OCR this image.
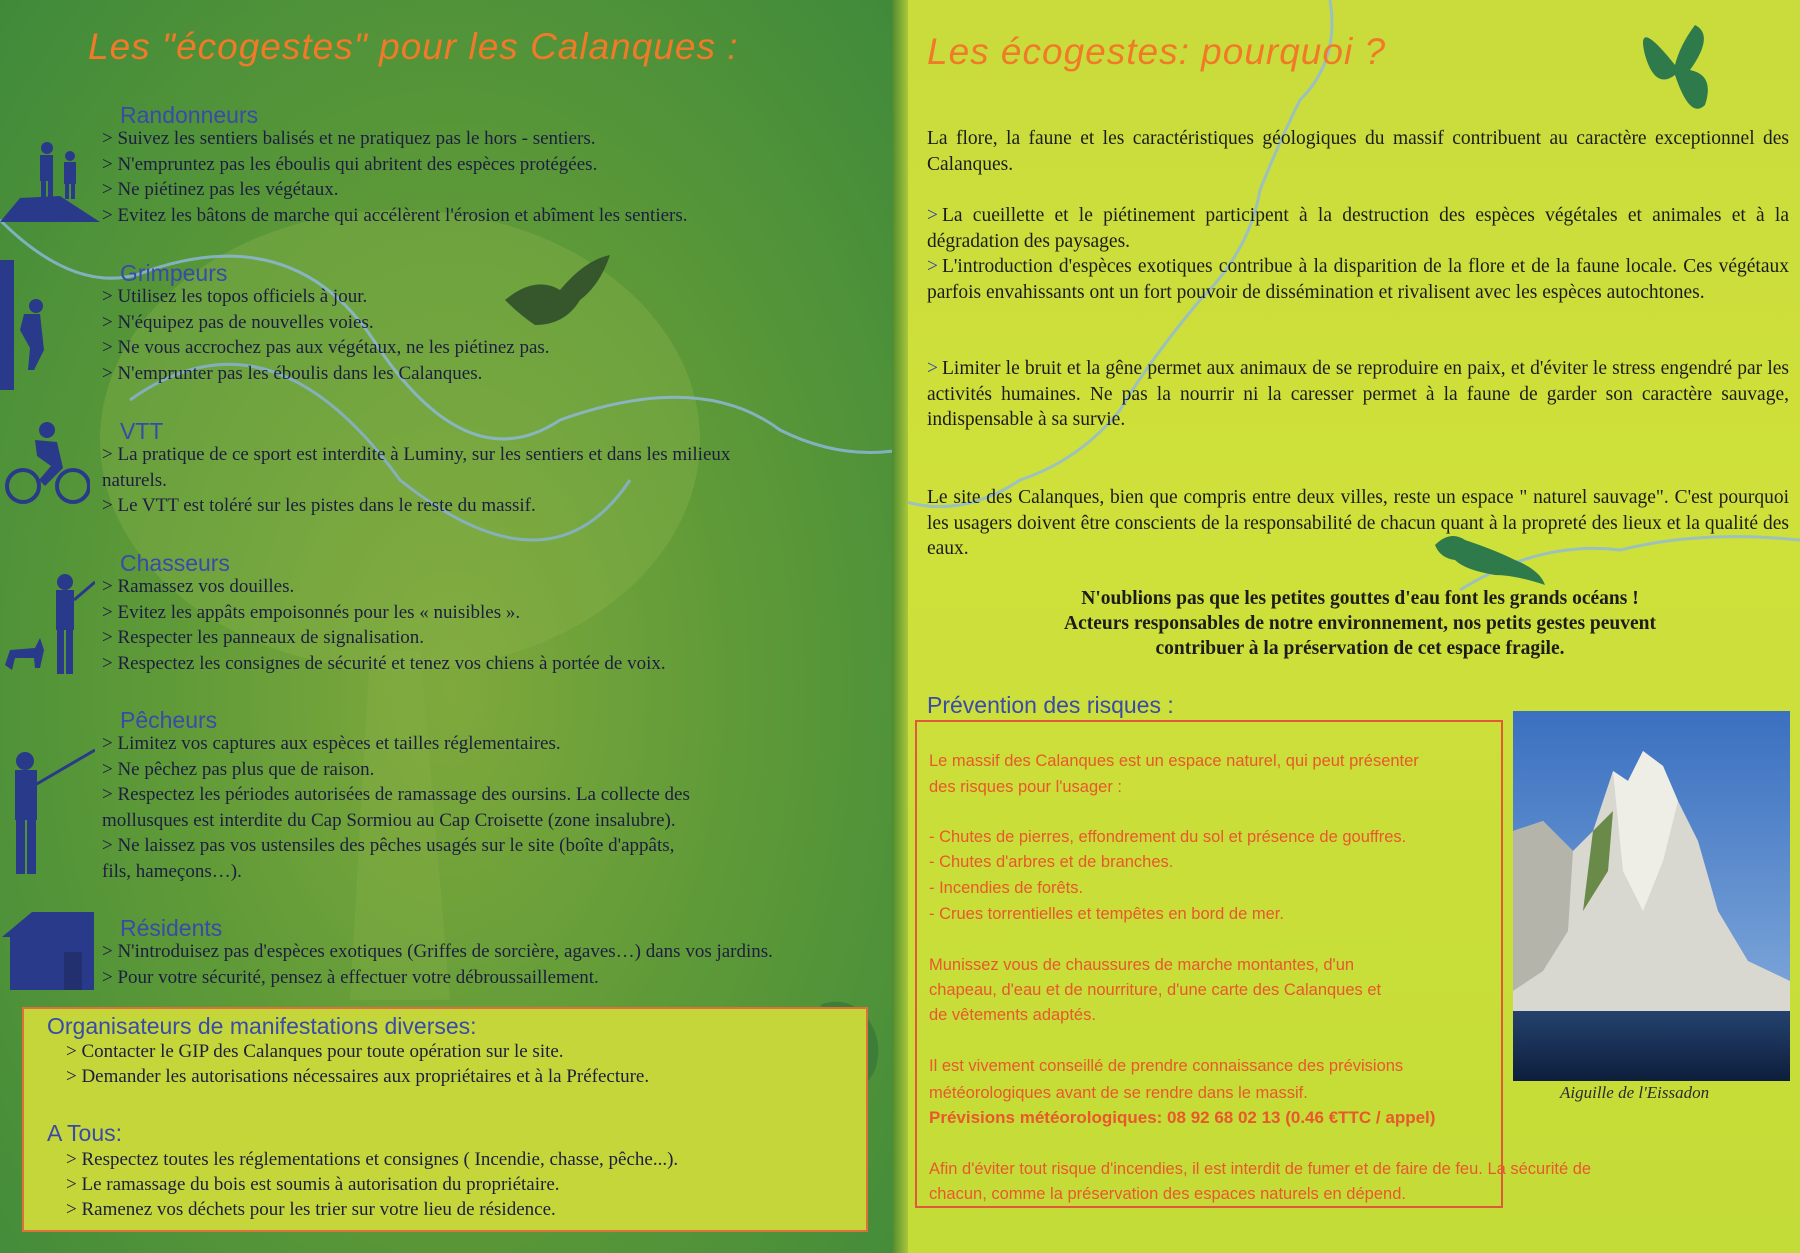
Les "écogestes" pour les Calanques :
Randonneurs
> Suivez les sentiers balisés et ne pratiquez pas le hors - sentiers.
> N'empruntez pas les éboulis qui abritent des espèces protégées.
> Ne piétinez pas les végétaux.
> Evitez les bâtons de marche qui accélèrent l'érosion et abîment les sentiers.
Grimpeurs
> Utilisez les topos officiels à jour.
> N'équipez pas de nouvelles voies.
> Ne vous accrochez pas aux végétaux, ne les piétinez pas.
> N'emprunter pas les éboulis dans les Calanques.
VTT
> La pratique de ce sport est interdite à Luminy, sur les sentiers et dans les milieux
naturels.
> Le VTT est toléré sur les pistes dans le reste du massif.
Chasseurs
> Ramassez vos douilles.
> Evitez les appâts empoisonnés pour les « nuisibles ».
> Respecter les panneaux de signalisation.
> Respectez les consignes de sécurité et tenez vos chiens à portée de voix.
Pêcheurs
> Limitez vos captures aux espèces et tailles réglementaires.
> Ne pêchez pas plus que de raison.
> Respectez les périodes autorisées de ramassage des oursins. La collecte des
mollusques est interdite du Cap Sormiou au Cap Croisette (zone insalubre).
> Ne laissez pas vos ustensiles des pêches usagés sur le site (boîte d'appâts,
fils, hameçons…).
Résidents
> N'introduisez pas d'espèces exotiques (Griffes de sorcière, agaves…) dans vos jardins.
> Pour votre sécurité, pensez à effectuer votre débroussaillement.
Organisateurs de manifestations diverses:
> Contacter le GIP des Calanques pour toute opération sur le site.
> Demander les autorisations nécessaires aux propriétaires et à la Préfecture.
A Tous:
> Respectez toutes les réglementations et consignes ( Incendie, chasse, pêche...).
> Le ramassage du bois est soumis à autorisation du propriétaire.
> Ramenez vos déchets pour les trier sur votre lieu de résidence.
Les écogestes: pourquoi ?
La flore, la faune et les caractéristiques géologiques du massif contribuent au caractère exceptionnel des Calanques.
> La cueillette et le piétinement participent à la destruction des espèces végétales et animales et à la dégradation des paysages.
> L'introduction d'espèces exotiques contribue à la disparition de la flore et de la faune locale. Ces végétaux parfois envahissants ont un fort pouvoir de dissémination et rivalisent avec les espèces autochtones.
> Limiter le bruit et la gêne permet aux animaux de se reproduire en paix, et d'éviter le stress engendré par les activités humaines. Ne pas la nourrir ni la caresser permet à la faune de garder son caractère sauvage, indispensable à sa survie.
Le site des Calanques, bien que compris entre deux villes, reste un espace " naturel sauvage". C'est pourquoi les usagers doivent être conscients de la responsabilité de chacun quant à la propreté des lieux et la qualité des eaux.
N'oublions pas que les petites gouttes d'eau font les grands océans !
Acteurs responsables de notre environnement, nos petits gestes peuvent
contribuer à la préservation de cet espace fragile.
Prévention des risques :
Le massif des Calanques est un espace naturel, qui peut présenter
des risques pour l'usager :
- Chutes de pierres, effondrement du sol et présence de gouffres.
- Chutes d'arbres et de branches.
- Incendies de forêts.
- Crues torrentielles et tempêtes en bord de mer.
Munissez vous de chaussures de marche montantes, d'un
chapeau, d'eau et de nourriture, d'une carte des Calanques et
de vêtements adaptés.
Il est vivement conseillé de prendre connaissance des prévisions
météorologiques avant de se rendre dans le massif.
Prévisions météorologiques: 08 92 68 02 13 (0.46 €TTC / appel)
Afin d'éviter tout risque d'incendies, il est interdit de fumer et de faire de feu. La sécurité de
chacun, comme la préservation des espaces naturels en dépend.
Aiguille de l'Eissadon
